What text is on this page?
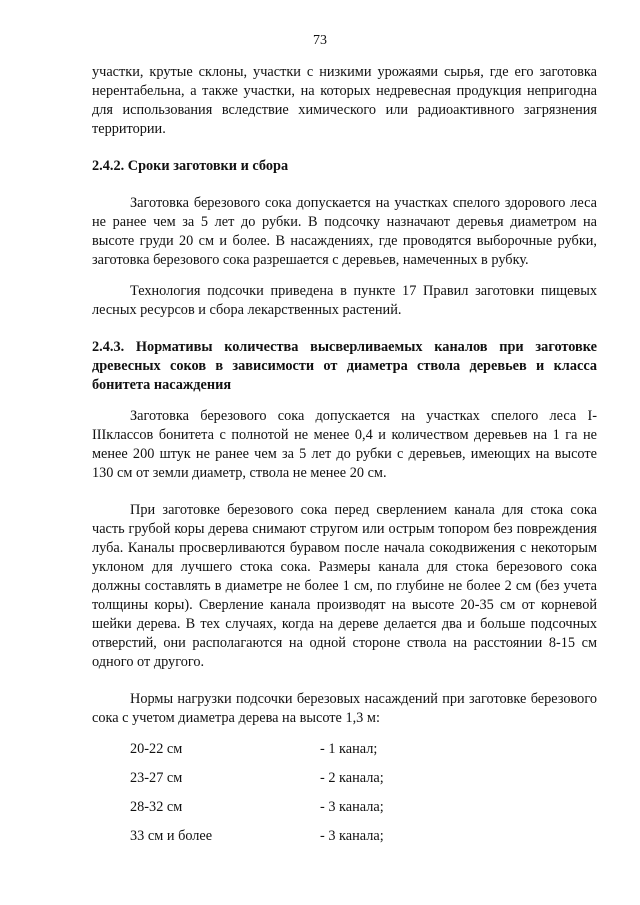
73

участки, крутые склоны, участки с низкими урожаями сырья, где его заготовка нерентабельна, а также участки, на которых недревесная продукция непригодна для использования вследствие химического или радиоактивного загрязнения территории.

2.4.2. Сроки заготовки и сбора

Заготовка березового сока допускается на участках спелого здорового леса не ранее чем за 5 лет до рубки. В подсочку назначают деревья диаметром на высоте груди 20 см и более. В насаждениях, где проводятся выборочные рубки, заготовка березового сока разрешается с деревьев, намеченных в рубку.

Технология подсочки приведена в пункте 17 Правил заготовки пищевых лесных ресурсов и сбора лекарственных растений.

2.4.3. Нормативы количества высверливаемых каналов при заготовке древесных соков в зависимости от диаметра ствола деревьев и класса бонитета насаждения

Заготовка березового сока допускается на участках спелого леса I-IIIклассов бонитета с полнотой не менее 0,4 и количеством деревьев на 1 га не менее 200 штук не ранее чем за 5 лет до рубки с деревьев, имеющих на высоте 130 см от земли диаметр, ствола не менее 20 см.

При заготовке березового сока перед сверлением канала для стока сока часть грубой коры дерева снимают стругом или острым топором без повреждения луба. Каналы просверливаются буравом после начала сокодвижения с некоторым уклоном для лучшего стока сока. Размеры канала для стока березового сока должны составлять в диаметре не более 1 см, по глубине не более 2 см (без учета толщины коры). Сверление канала производят на высоте 20-35 см от корневой шейки дерева. В тех случаях, когда на дереве делается два и больше подсочных отверстий, они располагаются на одной стороне ствола на расстоянии 8-15 см одного от другого.

Нормы нагрузки подсочки березовых насаждений при заготовке березового сока с учетом диаметра дерева на высоте 1,3 м:

20-22 см	- 1 канал;
23-27 см	- 2 канала;
28-32 см	- 3 канала;
33 см и более	- 3 канала;
